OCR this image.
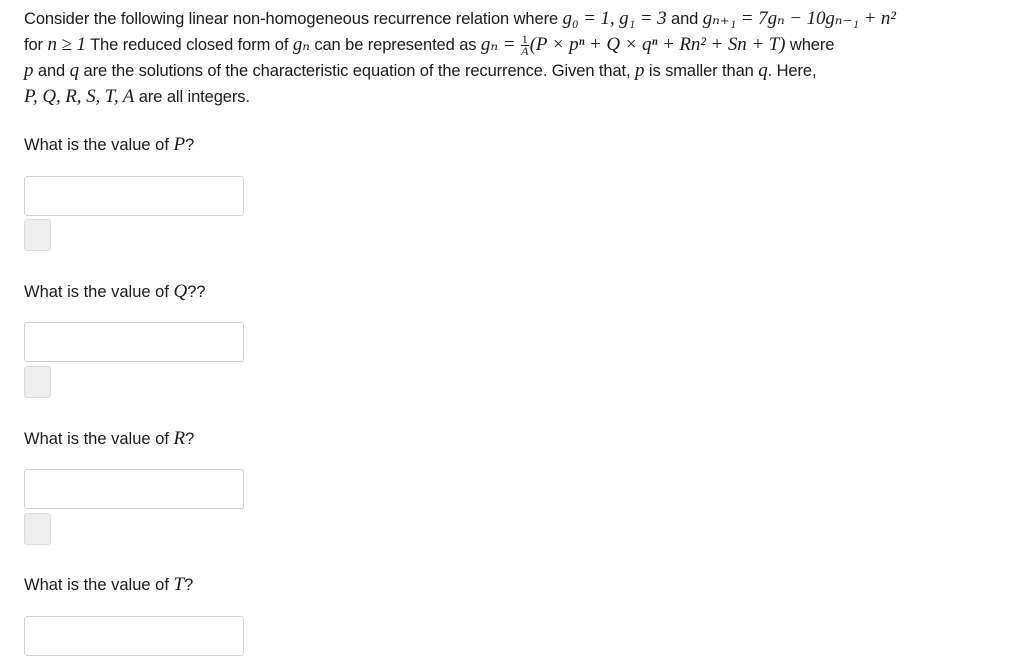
Consider the following linear non-homogeneous recurrence relation where g₀ = 1, g₁ = 3 and gₙ₊₁ = 7gₙ − 10gₙ₋₁ + n²
for n ≥ 1 The reduced closed form of gₙ can be represented as $g_n = \frac{1}{A} (P \times p^n + Q \times q^n + Rn^2 + Sn + T)$ where
p and q are the solutions of the characteristic equation of the recurrence. Given that, p is smaller than q. Here,
P, Q, R, S, T, A are all integers.
What is the value of P?
What is the value of Q??
What is the value of R?
What is the value of T?
